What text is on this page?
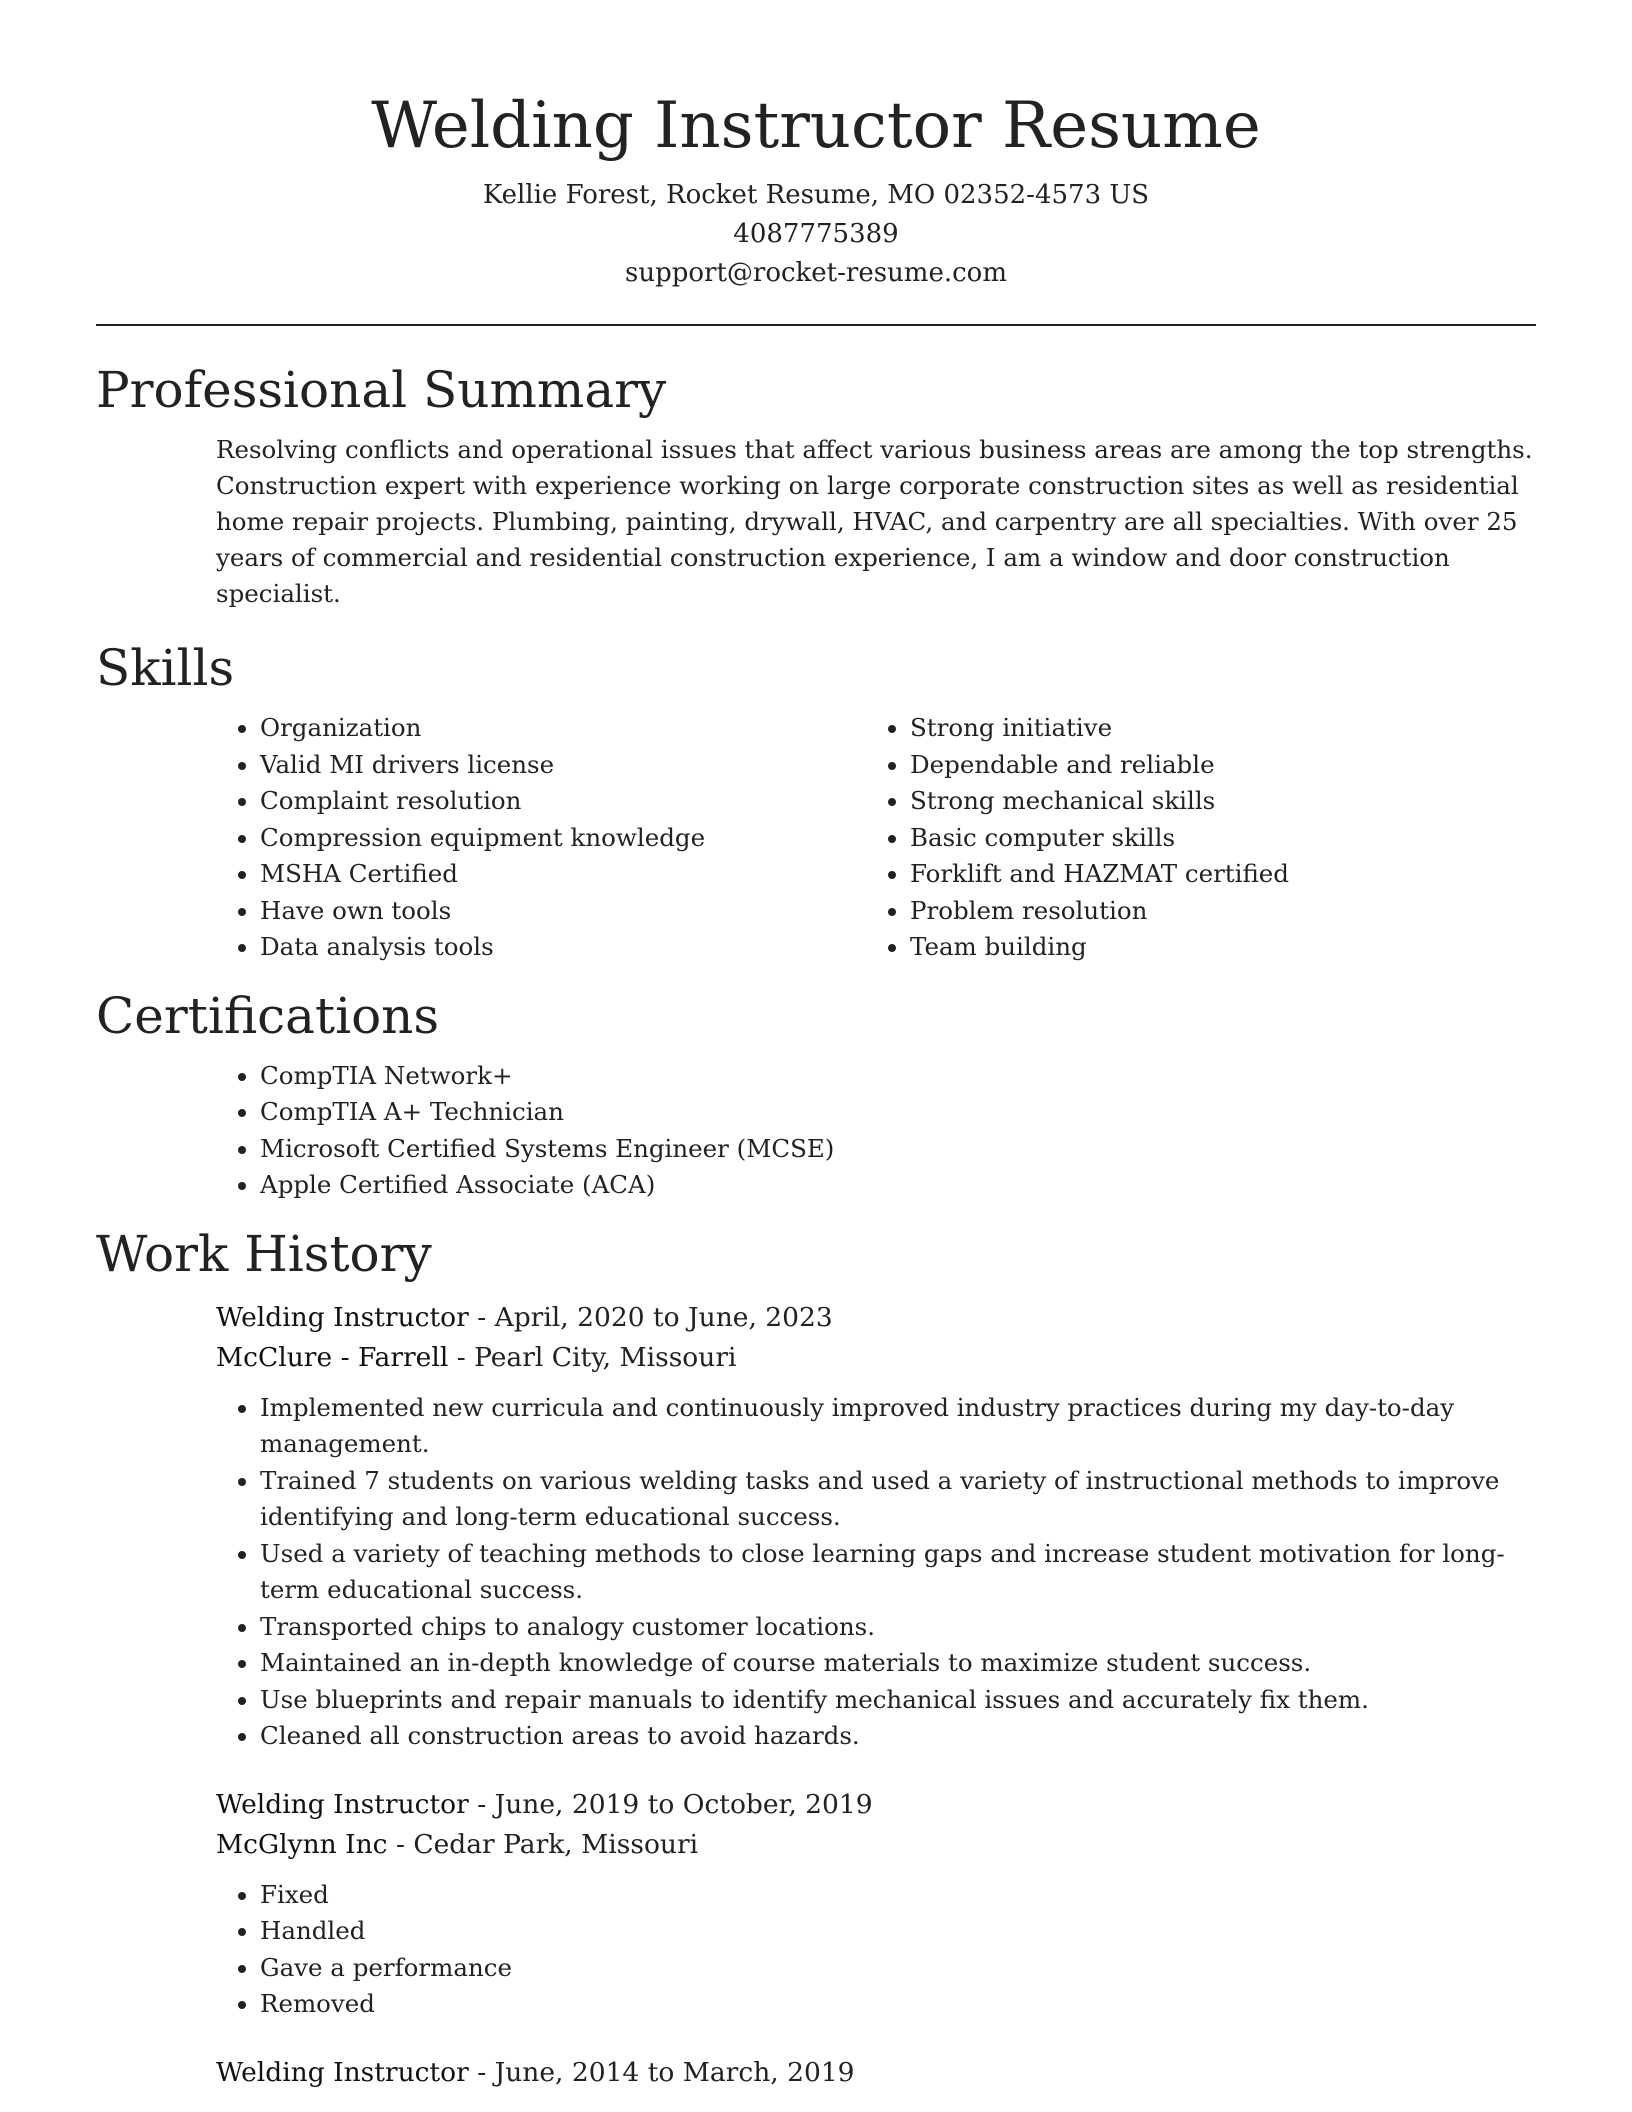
Welding Instructor Resume

Kellie Forest, Rocket Resume, MO 02352-4573 US

4087775389

support@rocket-resume.com

Professional Summary

Resolving conflicts and operational issues that affect various business areas are among the top strengths. Construction expert with experience working on large corporate construction sites as well as residential home repair projects. Plumbing, painting, drywall, HVAC, and carpentry are all specialties. With over 25 years of commercial and residential construction experience, I am a window and door construction specialist.

Skills
• Organization
• Valid MI drivers license
• Complaint resolution
• Compression equipment knowledge
• MSHA Certified
• Have own tools
• Data analysis tools
• Strong initiative
• Dependable and reliable
• Strong mechanical skills
• Basic computer skills
• Forklift and HAZMAT certified
• Problem resolution
• Team building
Certifications
• CompTIA Network+
• CompTIA A+ Technician
• Microsoft Certified Systems Engineer (MCSE)
• Apple Certified Associate (ACA)
Work History
Welding Instructor - April, 2020 to June, 2023
McClure - Farrell - Pearl City, Missouri
• Implemented new curricula and continuously improved industry practices during my day-to-day management.
• Trained 7 students on various welding tasks and used a variety of instructional methods to improve identifying and long-term educational success.
• Used a variety of teaching methods to close learning gaps and increase student motivation for long-term educational success.
• Transported chips to analogy customer locations.
• Maintained an in-depth knowledge of course materials to maximize student success.
• Use blueprints and repair manuals to identify mechanical issues and accurately fix them.
• Cleaned all construction areas to avoid hazards.
Welding Instructor - June, 2019 to October, 2019
McGlynn Inc - Cedar Park, Missouri
• Fixed
• Handled
• Gave a performance
• Removed
Welding Instructor - June, 2014 to March, 2019
